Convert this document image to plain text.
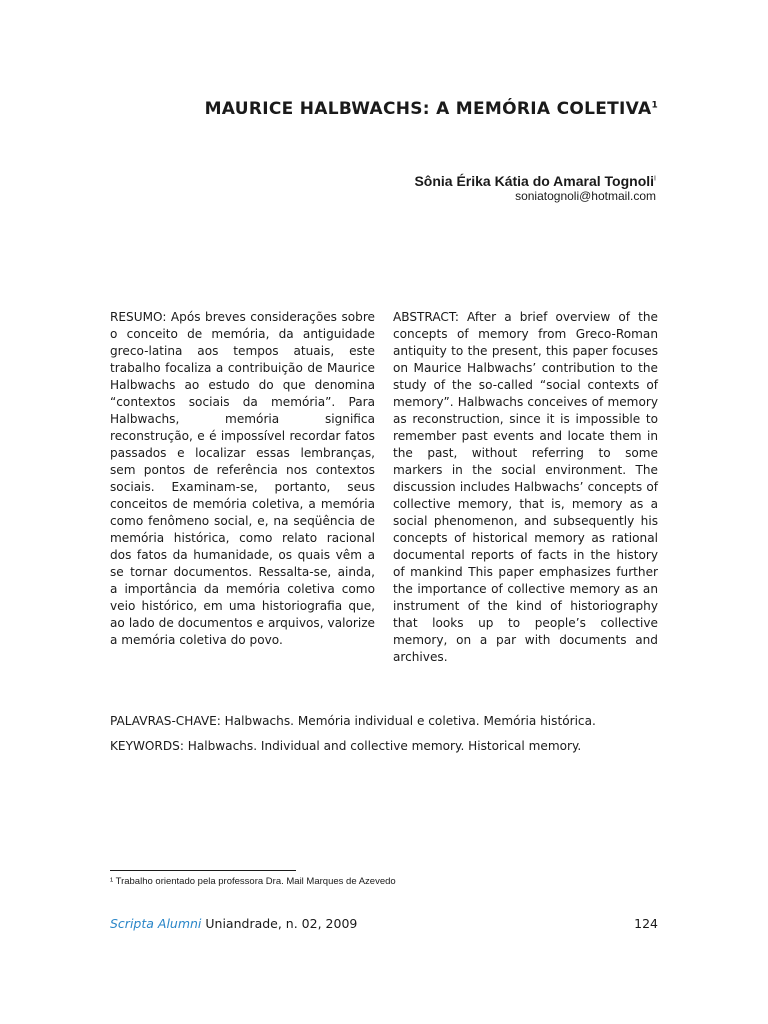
MAURICE HALBWACHS: A MEMÓRIA COLETIVA$^1$
Sônia Érika Kátia do Amaral Tognoli$^I$
soniatognoli@hotmail.com
RESUMO: Após breves considerações sobre o conceito de memória, da antiguidade greco-latina aos tempos atuais, este trabalho focaliza a contribuição de Maurice Halbwachs ao estudo do que denomina “contextos sociais da memória”. Para Halbwachs, memória significa reconstrução, e é impossível recordar fatos passados e localizar essas lembranças, sem pontos de referência nos contextos sociais. Examinam-se, portanto, seus conceitos de memória coletiva, a memória como fenômeno social, e, na seqüência de memória histórica, como relato racional dos fatos da humanidade, os quais vêm a se tornar documentos. Ressalta-se, ainda, a importância da memória coletiva como veio histórico, em uma historiografia que, ao lado de documentos e arquivos, valorize a memória coletiva do povo.
ABSTRACT: After a brief overview of the concepts of memory from Greco-Roman antiquity to the present, this paper focuses on Maurice Halbwachs’ contribution to the study of the so-called “social contexts of memory”. Halbwachs conceives of memory as reconstruction, since it is impossible to remember past events and locate them in the past, without referring to some markers in the social environment. The discussion includes Halbwachs’ concepts of collective memory, that is, memory as a social phenomenon, and subsequently his concepts of historical memory as rational documental reports of facts in the history of mankind This paper emphasizes further the importance of collective memory as an instrument of the kind of historiography that looks up to people’s collective memory, on a par with documents and archives.
PALAVRAS-CHAVE: Halbwachs. Memória individual e coletiva. Memória histórica.
KEYWORDS: Halbwachs. Individual and collective memory. Historical memory.
¹ Trabalho orientado pela professora Dra. Mail Marques de Azevedo
Scripta Alumni Uniandrade, n. 02, 2009	124
